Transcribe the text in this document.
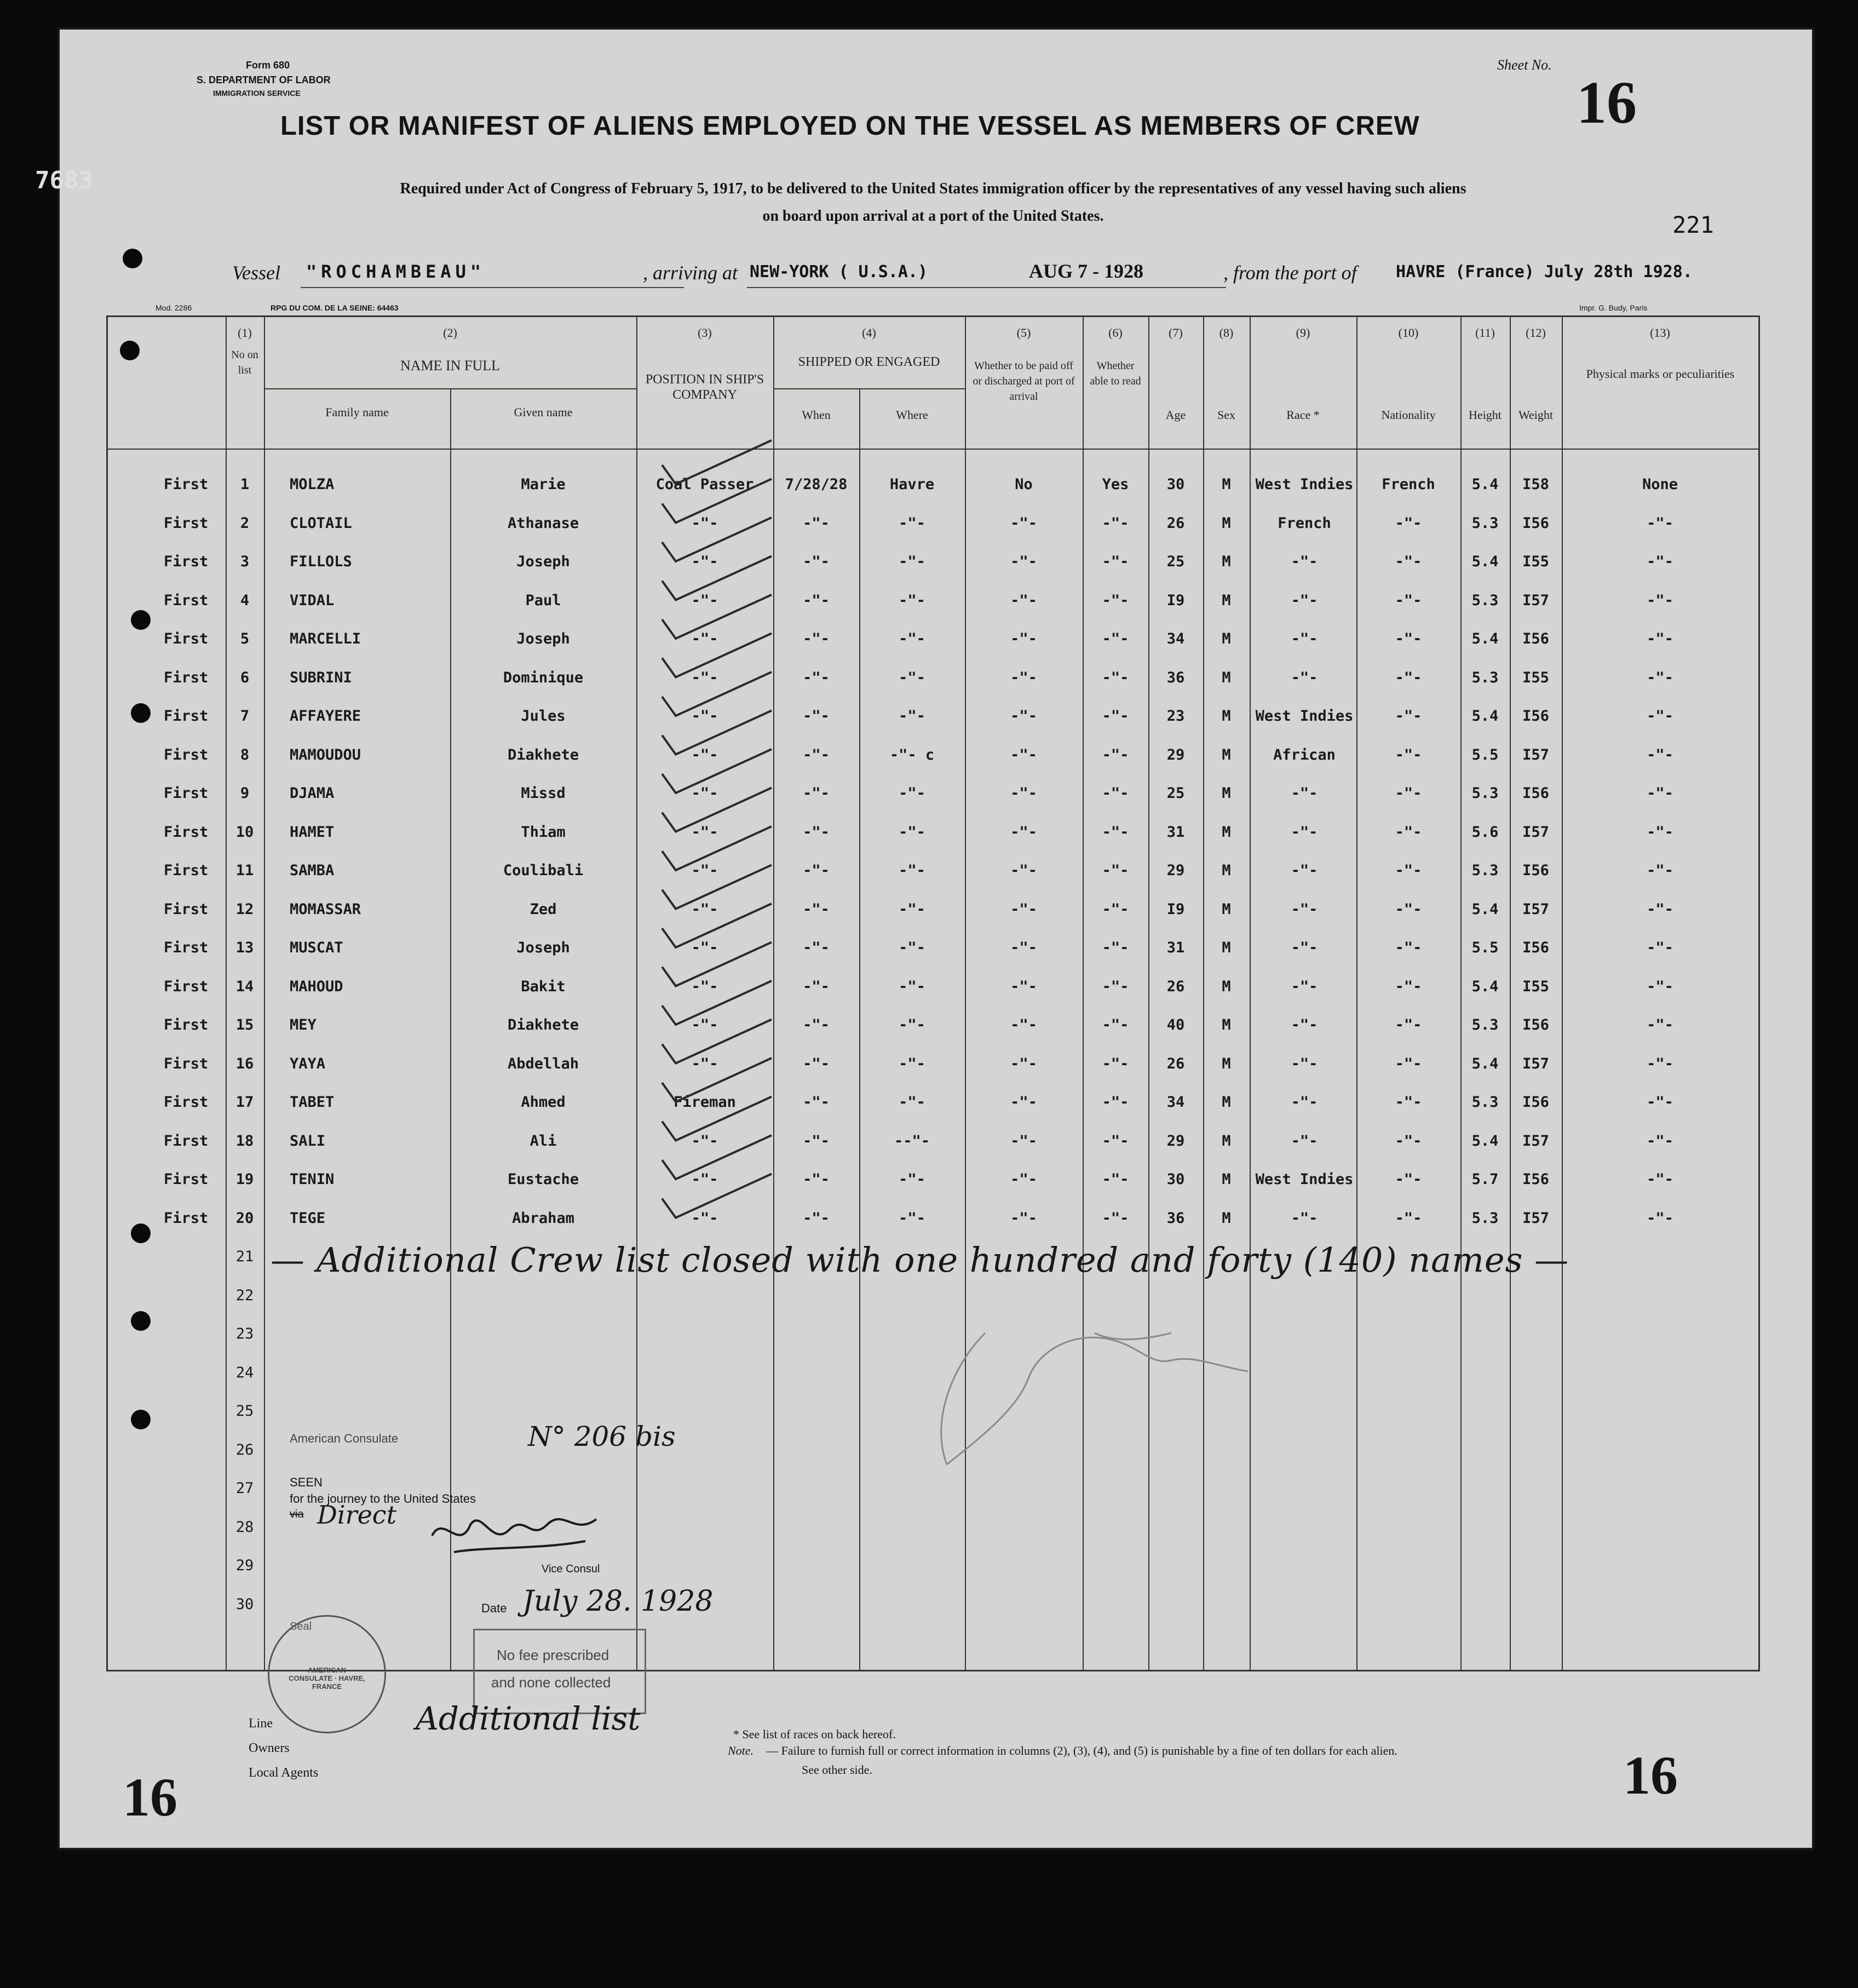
7683
Form 680
S. DEPARTMENT OF LABOR
IMMIGRATION SERVICE
Sheet No.
16
LIST OR MANIFEST OF ALIENS EMPLOYED ON THE VESSEL AS MEMBERS OF CREW
Required under Act of Congress of February 5, 1917, to be delivered to the United States immigration officer by the representatives of any vessel having such aliens
on board upon arrival at a port of the United States.	221
Vessel "ROCHAMBEAU"	, arriving at NEW-YORK ( U.S.A.)	AUG 7 - 1928	, from the port of HAVRE (France) July 28th 1928.
Mod. 2286	RPG DU COM. DE LA SEINE: 64463	Impr. G. Budy, Paris
(1)
No on list
(2)
NAME IN FULL
Family name	Given name
(3)
POSITION IN SHIP'S COMPANY
(4)
SHIPPED OR ENGAGED
When	Where
(5)
Whether to be paid off or discharged at port of arrival
(6)
Whether able to read
(7)
Age
(8)
Sex
(9)
Race *
(10)
Nationality
(11)
Height
(12)
Weight
(13)
Physical marks or peculiarities
First	1	MOLZA	Marie	Coal Passer	7/28/28	Havre	No	Yes	30	M	West Indies	French	5.4	I58	None
First	2	CLOTAIL	Athanase	-"-	-"-	-"-	-"-	-"-	26	M	French	-"-	5.3	I56	-"-
First	3	FILLOLS	Joseph	-"-	-"-	-"-	-"-	-"-	25	M	-"-	-"-	5.4	I55	-"-
First	4	VIDAL	Paul	-"-	-"-	-"-	-"-	-"-	I9	M	-"-	-"-	5.3	I57	-"-
First	5	MARCELLI	Joseph	-"-	-"-	-"-	-"-	-"-	34	M	-"-	-"-	5.4	I56	-"-
First	6	SUBRINI	Dominique	-"-	-"-	-"-	-"-	-"-	36	M	-"-	-"-	5.3	I55	-"-
First	7	AFFAYERE	Jules	-"-	-"-	-"-	-"-	-"-	23	M	West Indies	-"-	5.4	I56	-"-
First	8	MAMOUDOU	Diakhete	-"-	-"-	-"- c	-"-	-"-	29	M	African	-"-	5.5	I57	-"-
First	9	DJAMA	Missd	-"-	-"-	-"-	-"-	-"-	25	M	-"-	-"-	5.3	I56	-"-
First	10	HAMET	Thiam	-"-	-"-	-"-	-"-	-"-	31	M	-"-	-"-	5.6	I57	-"-
First	11	SAMBA	Coulibali	-"-	-"-	-"-	-"-	-"-	29	M	-"-	-"-	5.3	I56	-"-
First	12	MOMASSAR	Zed	-"-	-"-	-"-	-"-	-"-	I9	M	-"-	-"-	5.4	I57	-"-
First	13	MUSCAT	Joseph	-"-	-"-	-"-	-"-	-"-	31	M	-"-	-"-	5.5	I56	-"-
First	14	MAHOUD	Bakit	-"-	-"-	-"-	-"-	-"-	26	M	-"-	-"-	5.4	I55	-"-
First	15	MEY	Diakhete	-"-	-"-	-"-	-"-	-"-	40	M	-"-	-"-	5.3	I56	-"-
First	16	YAYA	Abdellah	-"-	-"-	-"-	-"-	-"-	26	M	-"-	-"-	5.4	I57	-"-
First	17	TABET	Ahmed	Fireman	-"-	-"-	-"-	-"-	34	M	-"-	-"-	5.3	I56	-"-
First	18	SALI	Ali	-"-	-"-	--"-	-"-	-"-	29	M	-"-	-"-	5.4	I57	-"-
First	19	TENIN	Eustache	-"-	-"-	-"-	-"-	-"-	30	M	West Indies	-"-	5.7	I56	-"-
First	20	TEGE	Abraham	-"-	-"-	-"-	-"-	-"-	36	M	-"-	-"-	5.3	I57	-"-
21
22
23
24
25
26
27
28
29
30
— Additional Crew list closed with one hundred and forty (140) names —
American Consulate	N° 206 bis
SEEN
for the journey to the United States
via Direct
Vice Consul
Date July 28. 1928
Seal
AMERICAN CONSULATE · HAVRE, FRANCE
No fee prescribed
and none collected
Line	Additional list
Owners
Local Agents
* See list of races on back hereof.
Note. — Failure to furnish full or correct information in columns (2), (3), (4), and (5) is punishable by a fine of ten dollars for each alien.
See other side.
16	16
